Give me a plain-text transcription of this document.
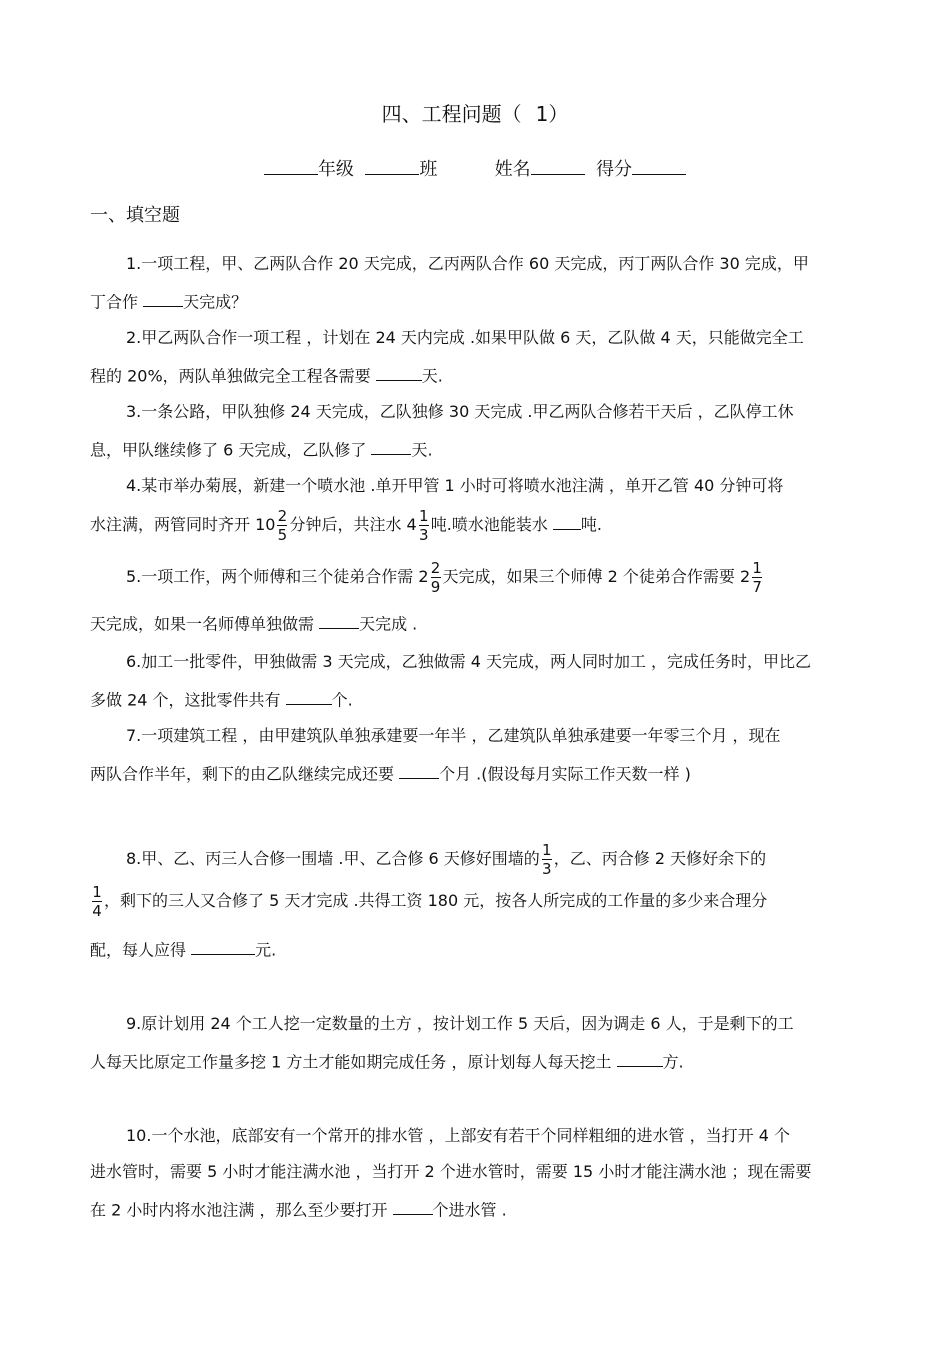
四、工程问题（ 1）
年级	班	姓名	得分
一、填空题
1.一项工程，甲、乙两队合作 20 天完成，乙丙两队合作 60 天完成，丙丁两队合作 30 完成，甲
丁合作	天完成？
2.甲乙两队合作一项工程 ，计划在 24 天内完成 .如果甲队做 6 天，乙队做 4 天，只能做完全工
程的 20%，两队单独做完全工程各需要	天.
3.一条公路，甲队独修 24 天完成，乙队独修 30 天完成 .甲乙两队合修若干天后 ，乙队停工休
息，甲队继续修了 6 天完成，乙队修了	天.
4.某市举办菊展，新建一个喷水池 .单开甲管 1 小时可将喷水池注满 ，单开乙管 40 分钟可将
水注满，两管同时齐开 $10 \frac{2}{5}$ 分钟后，共注水 $4 \frac{1}{3}$ 吨.喷水池能装水 吨.
5.一项工作，两个师傅和三个徒弟合作需 $2 \frac{2}{9}$ 天完成，如果三个师傅 2 个徒弟合作需要 $2 \frac{1}{7}$
天完成，如果一名师傅单独做需	天完成 .
6.加工一批零件，甲独做需 3 天完成，乙独做需 4 天完成，两人同时加工 ，完成任务时，甲比乙
多做 24 个，这批零件共有	个.
7.一项建筑工程 ，由甲建筑队单独承建要一年半 ，乙建筑队单独承建要一年零三个月 ，现在
两队合作半年，剩下的由乙队继续完成还要	个月 .(假设每月实际工作天数一样 )
8.甲、乙、丙三人合修一围墙 .甲、乙合修 6 天修好围墙的 $\frac{1}{3}$ ，乙、丙合修 2 天修好余下的
$\frac{1}{4}$ ，剩下的三人又合修了 5 天才完成 .共得工资 180 元，按各人所完成的工作量的多少来合理分
配，每人应得	元.
9.原计划用 24 个工人挖一定数量的土方 ，按计划工作 5 天后，因为调走 6 人，于是剩下的工
人每天比原定工作量多挖 1 方土才能如期完成任务 ，原计划每人每天挖土	方.
10.一个水池，底部安有一个常开的排水管 ，上部安有若干个同样粗细的进水管 ，当打开 4 个
进水管时，需要 5 小时才能注满水池 ，当打开 2 个进水管时，需要 15 小时才能注满水池 ；现在需要
在 2 小时内将水池注满 ，那么至少要打开	个进水管 .
